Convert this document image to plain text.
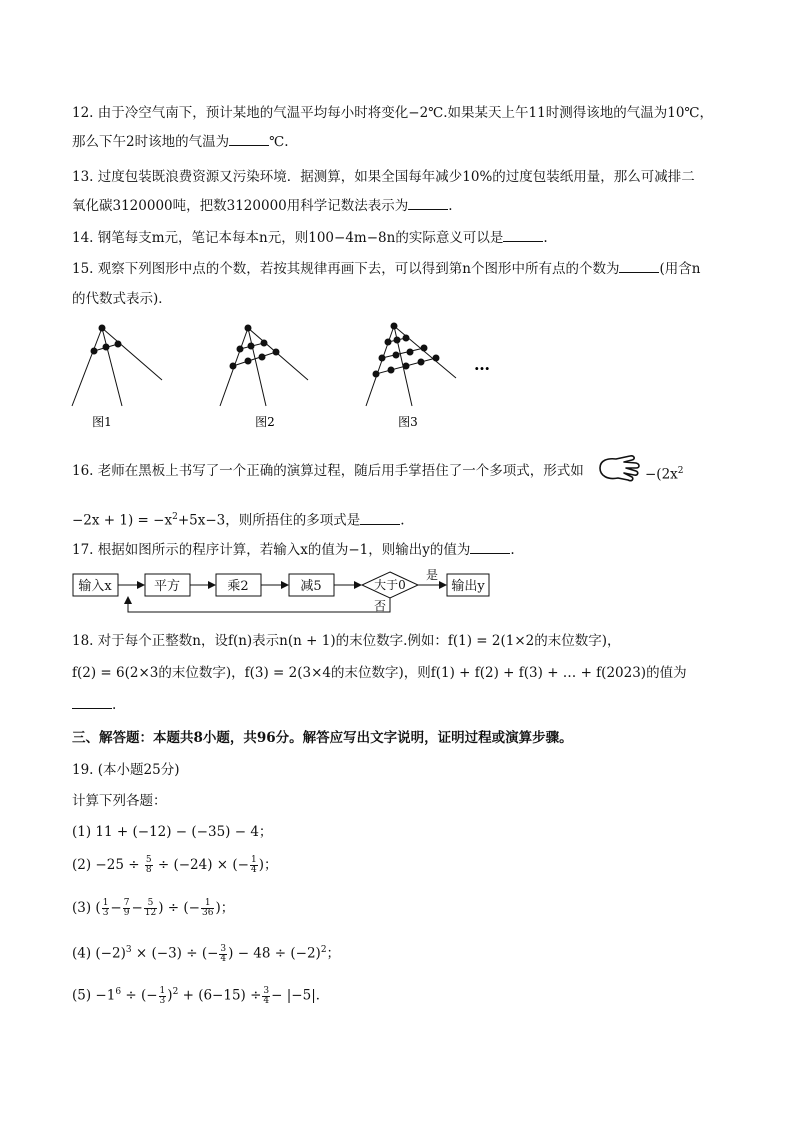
12. 由于冷空气南下，预计某地的气温平均每小时将变化−2℃.如果某天上午11时测得该地的气温为10℃，
那么下午2时该地的气温为	℃.
13. 过度包装既浪费资源又污染环境．据测算，如果全国每年减少10%的过度包装纸用量，那么可减排二
氧化碳3120000吨，把数3120000用科学记数法表示为	.
14. 钢笔每支m元，笔记本每本n元，则100−4m−8n的实际意义可以是	.
15. 观察下列图形中点的个数，若按其规律再画下去，可以得到第n个图形中所有点的个数为	(用含n
的代数式表示)．
图1	图2	图3
…
16. 老师在黑板上书写了一个正确的演算过程，随后用手掌捂住了一个多项式，形式如	$-(2x^2$
$-2x + 1) = -x^2+5x-3$，则所捂住的多项式是	.
17. 根据如图所示的程序计算，若输入x的值为−1，则输出y的值为	.
输入x	平方	乘2	减5	大于0	输出y
是
否
18. 对于每个正整数n，设f(n)表示n(n + 1)的末位数字.例如：f(1) = 2(1×2的末位数字)，
f(2) = 6(2×3的末位数字)，f(3) = 2(3×4的末位数字)，则f(1) + f(2) + f(3) + … + f(2023)的值为
.
三、解答题：本题共8小题，共96分。解答应写出文字说明，证明过程或演算步骤。
19. (本小题25分)
计算下列各题：
(1) 11 + (−12) − (−35) − 4；
$(2) -25 \div \frac{5}{8} \div (-24)$ × (− $\frac{1}{4}$ )；
(3) ( $\frac{1}{3} - \frac{7}{9} - \frac{5}{12}$ ) ÷ (− $\frac{1}{36}$ )；
(4) $(-2)^3 \times (-3)$ ÷ (− $\frac{3}{4}$ ) − $48 \div (-2)^2$；
$(5) -1^6$ ÷ (− $\frac{1}{3} )^2 + (6-15) \div \frac{3}{4} - |-5|$．
